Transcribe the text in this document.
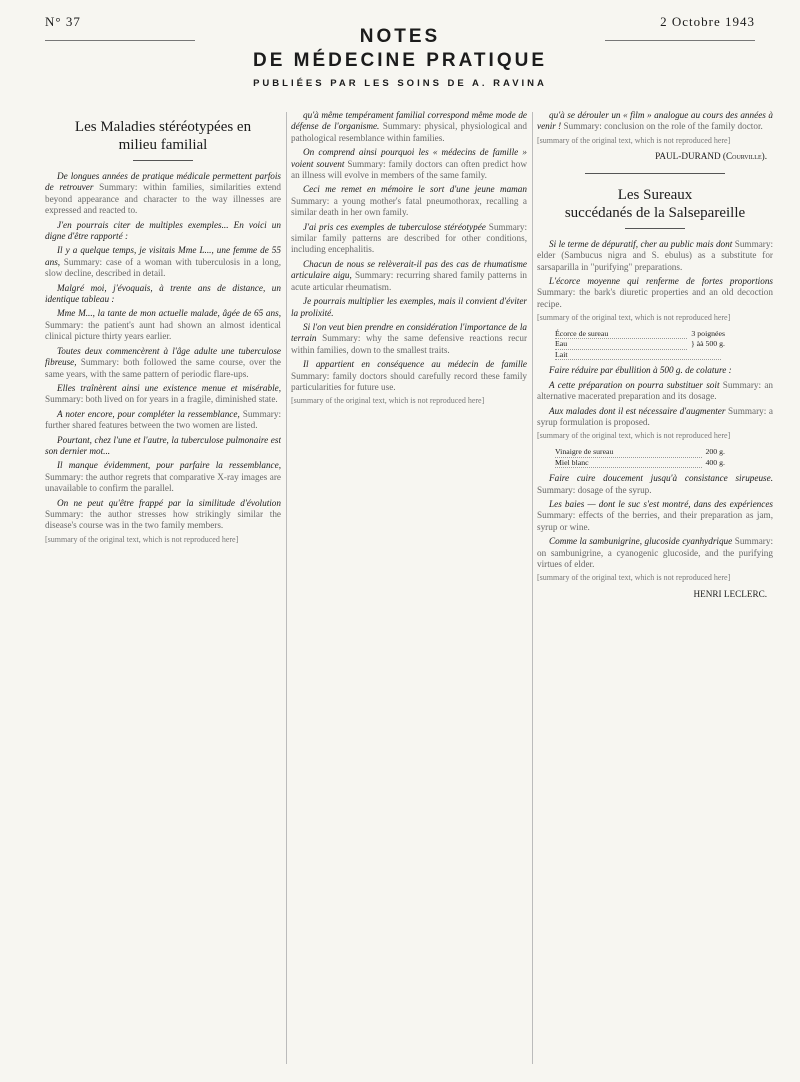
N° 37	2 Octobre 1943
NOTES
DE MÉDECINE PRATIQUE
PUBLIÉES PAR LES SOINS DE A. RAVINA
Les Maladies stéréotypées en
milieu familial

De longues années de pratique médicale permettent parfois de retrouver Summary: within families, similarities extend beyond appearance and character to the way illnesses are expressed and reacted to.

J'en pourrais citer de multiples exemples... En voici un digne d'être rapporté :

Il y a quelque temps, je visitais Mme L..., une femme de 55 ans, Summary: case of a woman with tuberculosis in a long, slow decline, described in detail.

Malgré moi, j'évoquais, à trente ans de distance, un identique tableau :

Mme M..., la tante de mon actuelle malade, âgée de 65 ans, Summary: the patient's aunt had shown an almost identical clinical picture thirty years earlier.

Toutes deux commencèrent à l'âge adulte une tuberculose fibreuse, Summary: both followed the same course, over the same years, with the same pattern of periodic flare-ups.

Elles traînèrent ainsi une existence menue et misérable, Summary: both lived on for years in a fragile, diminished state.

A noter encore, pour compléter la ressemblance, Summary: further shared features between the two women are listed.

Pourtant, chez l'une et l'autre, la tuberculose pulmonaire est son dernier mot...

Il manque évidemment, pour parfaire la ressemblance, Summary: the author regrets that comparative X-ray images are unavailable to confirm the parallel.

On ne peut qu'être frappé par la similitude d'évolution Summary: the author stresses how strikingly similar the disease's course was in the two family members.

[summary of the original text, which is not reproduced here]

qu'à même tempérament familial correspond même mode de défense de l'organisme. Summary: physical, physiological and pathological resemblance within families.

On comprend ainsi pourquoi les « médecins de famille » voient souvent Summary: family doctors can often predict how an illness will evolve in members of the same family.

Ceci me remet en mémoire le sort d'une jeune maman Summary: a young mother's fatal pneumothorax, recalling a similar death in her own family.

J'ai pris ces exemples de tuberculose stéréotypée Summary: similar family patterns are described for other conditions, including encephalitis.

Chacun de nous se relèverait-il pas des cas de rhumatisme articulaire aigu, Summary: recurring shared family patterns in acute articular rheumatism.

Je pourrais multiplier les exemples, mais il convient d'éviter la prolixité.

Si l'on veut bien prendre en considération l'importance de la terrain Summary: why the same defensive reactions recur within families, down to the smallest traits.

Il appartient en conséquence au médecin de famille Summary: family doctors should carefully record these family particularities for future use.

[summary of the original text, which is not reproduced here]

qu'à se dérouler un « film » analogue au cours des années à venir ! Summary: conclusion on the role of the family doctor.

[summary of the original text, which is not reproduced here]
PAUL-DURAND (Courville).
Les Sureaux
succédanés de la Salsepareille

Si le terme de dépuratif, cher au public mais dont Summary: elder (Sambucus nigra and S. ebulus) as a substitute for sarsaparilla in "purifying" preparations.

L'écorce moyenne qui renferme de fortes proportions Summary: the bark's diuretic properties and an old decoction recipe.

[summary of the original text, which is not reproduced here]
Écorce de sureau	3 poignées
Eau	} àà 500 g.
Lait

Faire réduire par ébullition à 500 g. de colature :

A cette préparation on pourra substituer soit Summary: an alternative macerated preparation and its dosage.

Aux malades dont il est nécessaire d'augmenter Summary: a syrup formulation is proposed.

[summary of the original text, which is not reproduced here]
Vinaigre de sureau	200 g.
Miel blanc	400 g.

Faire cuire doucement jusqu'à consistance sirupeuse. Summary: dosage of the syrup.

Les baies — dont le suc s'est montré, dans des expériences Summary: effects of the berries, and their preparation as jam, syrup or wine.

Comme la sambunigrine, glucoside cyanhydrique Summary: on sambunigrine, a cyanogenic glucoside, and the purifying virtues of elder.

[summary of the original text, which is not reproduced here]
HENRI LECLERC.
